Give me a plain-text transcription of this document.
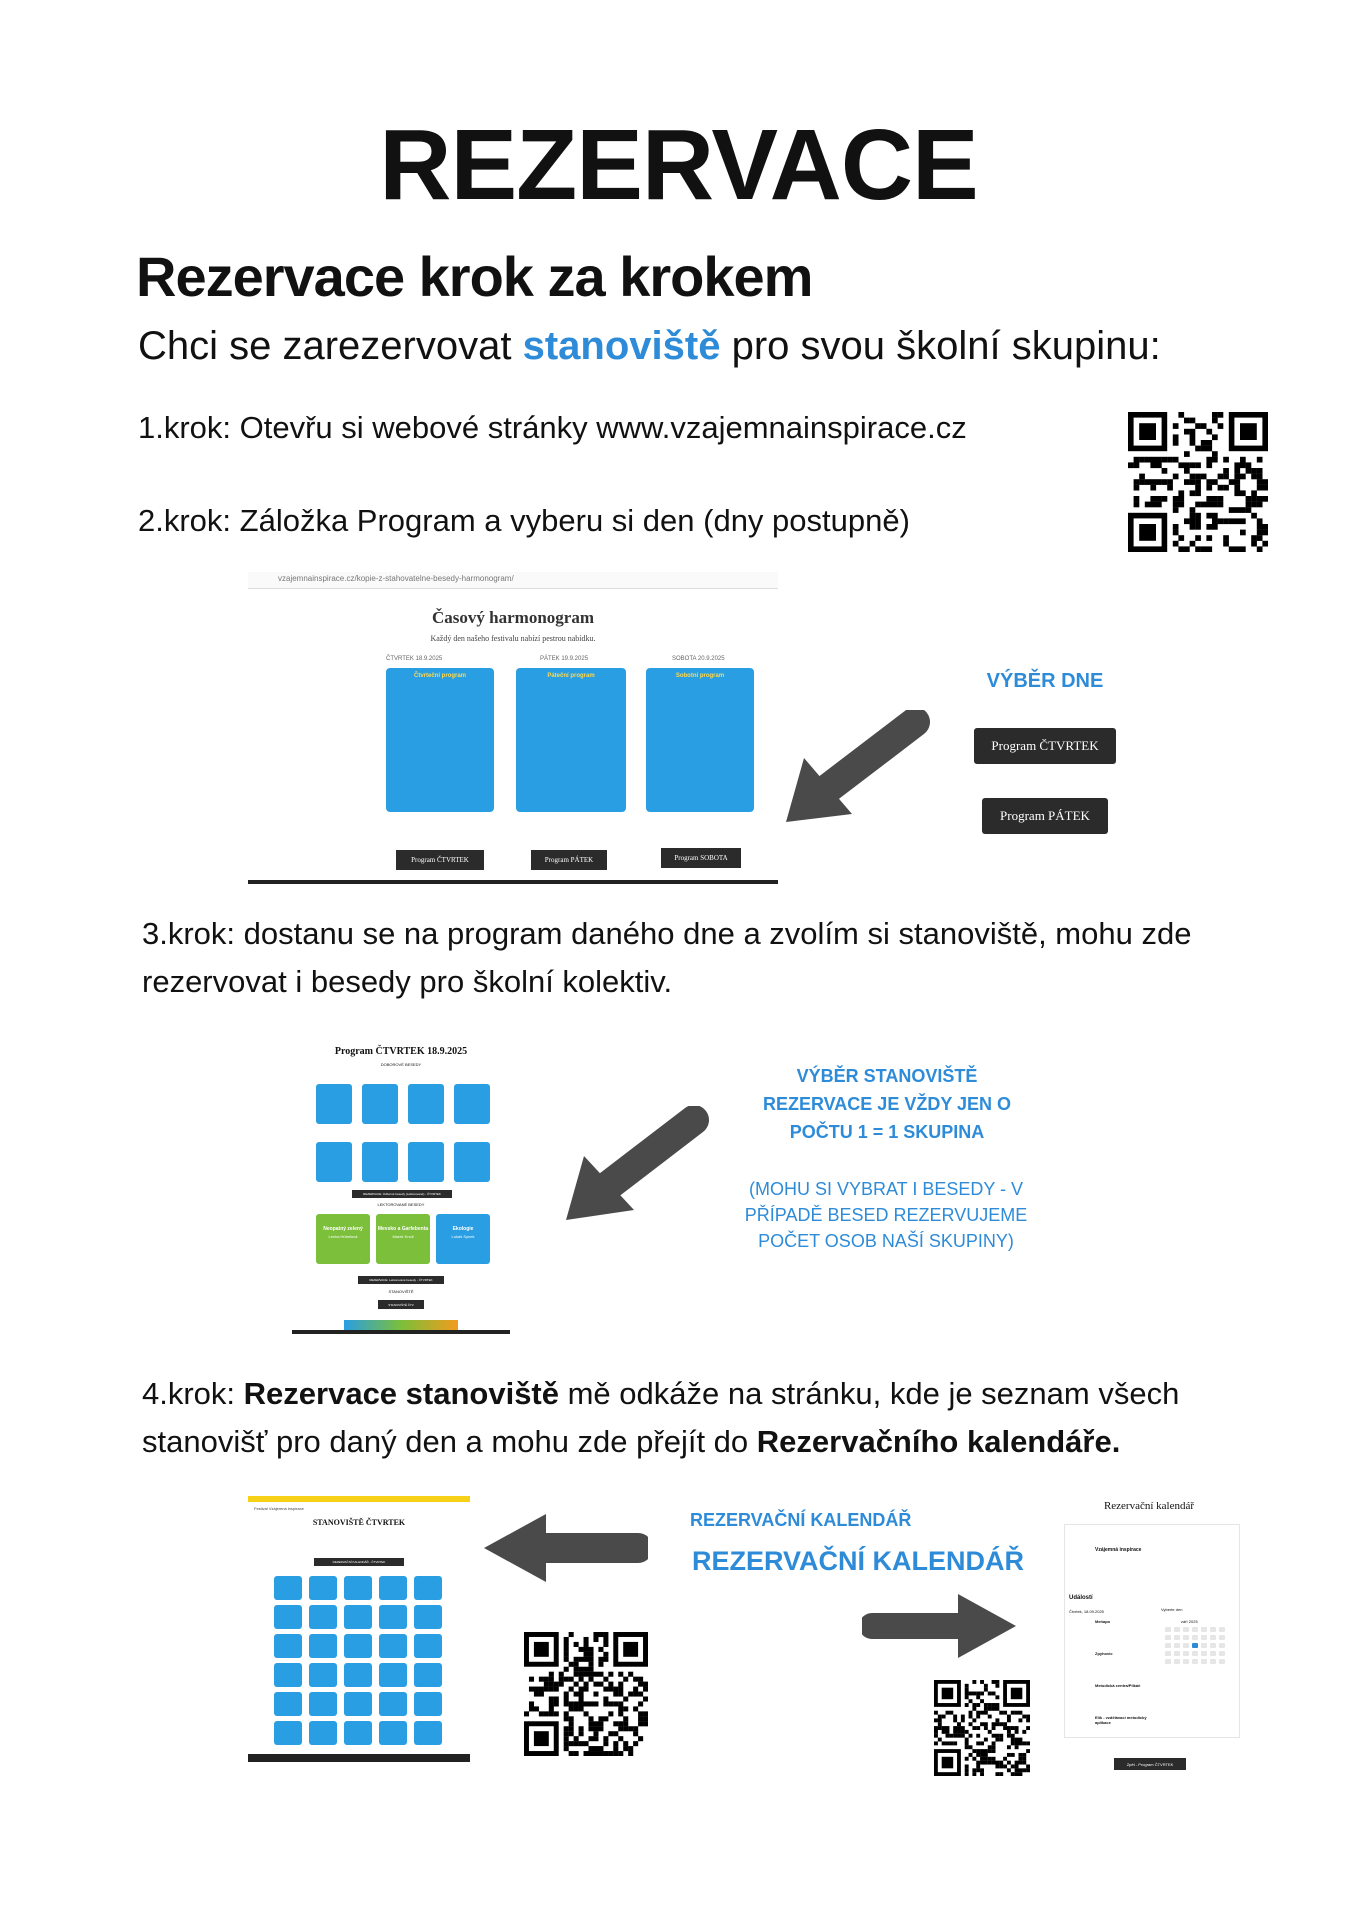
REZERVACE
Rezervace krok za krokem
Chci se zarezervovat stanoviště pro svou školní skupinu:
1.krok: Otevřu si webové stránky www.vzajemnainspirace.cz
2.krok: Záložka Program a vyberu si den (dny postupně)
vzajemnainspirace.cz/kopie-z-stahovatelne-besedy-harmonogram/
Časový harmonogram
Každý den našeho festivalu nabízí pestrou nabídku.
ČTVRTEK 18.9.2025	PÁTEK 19.9.2025	SOBOTA 20.9.2025
Čtvrteční program	Páteční program	Sobotní program
Program ČTVRTEK	Program PÁTEK	Program SOBOTA
VÝBĚR DNE
Program ČTVRTEK
Program PÁTEK
3.krok: dostanu se na program daného dne a zvolím si stanoviště, mohu zde rezervovat i besedy pro školní kolektiv.
Program ČTVRTEK 18.9.2025
DOBOROVÉ BESEDY
REZERVACE: Odborné besedy (Lektorované) - ČTVRTEK
LEKTOROVANÉ BESEDY
Neopatný zelený
Lenka Hübelová
Mevsko a Garfebenta
Marek Knoll
Ekologie
Lukáš Synek
REZERVACE: Lektorované besedy - ČTVRTEK
STANOVIŠTĚ
STANOVIŠTĚ ČTV
VÝBĚR STANOVIŠTĚ
REZERVACE JE VŽDY JEN O
POČTU 1 = 1 SKUPINA
(MOHU SI VYBRAT I BESEDY - V
PŘÍPADĚ BESED REZERVUJEME
POČET OSOB NAŠÍ SKUPINY)
4.krok: Rezervace stanoviště mě odkáže na stránku, kde je seznam všech stanovišť pro daný den a mohu zde přejít do Rezervačního kalendáře.
Festival Vzájemná inspirace
STANOVIŠTĚ ČTVRTEK
REZERVAČNÍ KALENDÁŘ - ČTVRTEK
REZERVAČNÍ KALENDÁŘ
REZERVAČNÍ KALENDÁŘ
Rezervační kalendář
Vzájemná inspirace
Událostí
Čtvrtek, 18.09.2025	Vyberte den
září 2025
Meňapo
Zpyhovic
Metodická centra/Plikáč
Elik - vzdělávací metodický aplikace
Zpět - Program ČTVRTEK
